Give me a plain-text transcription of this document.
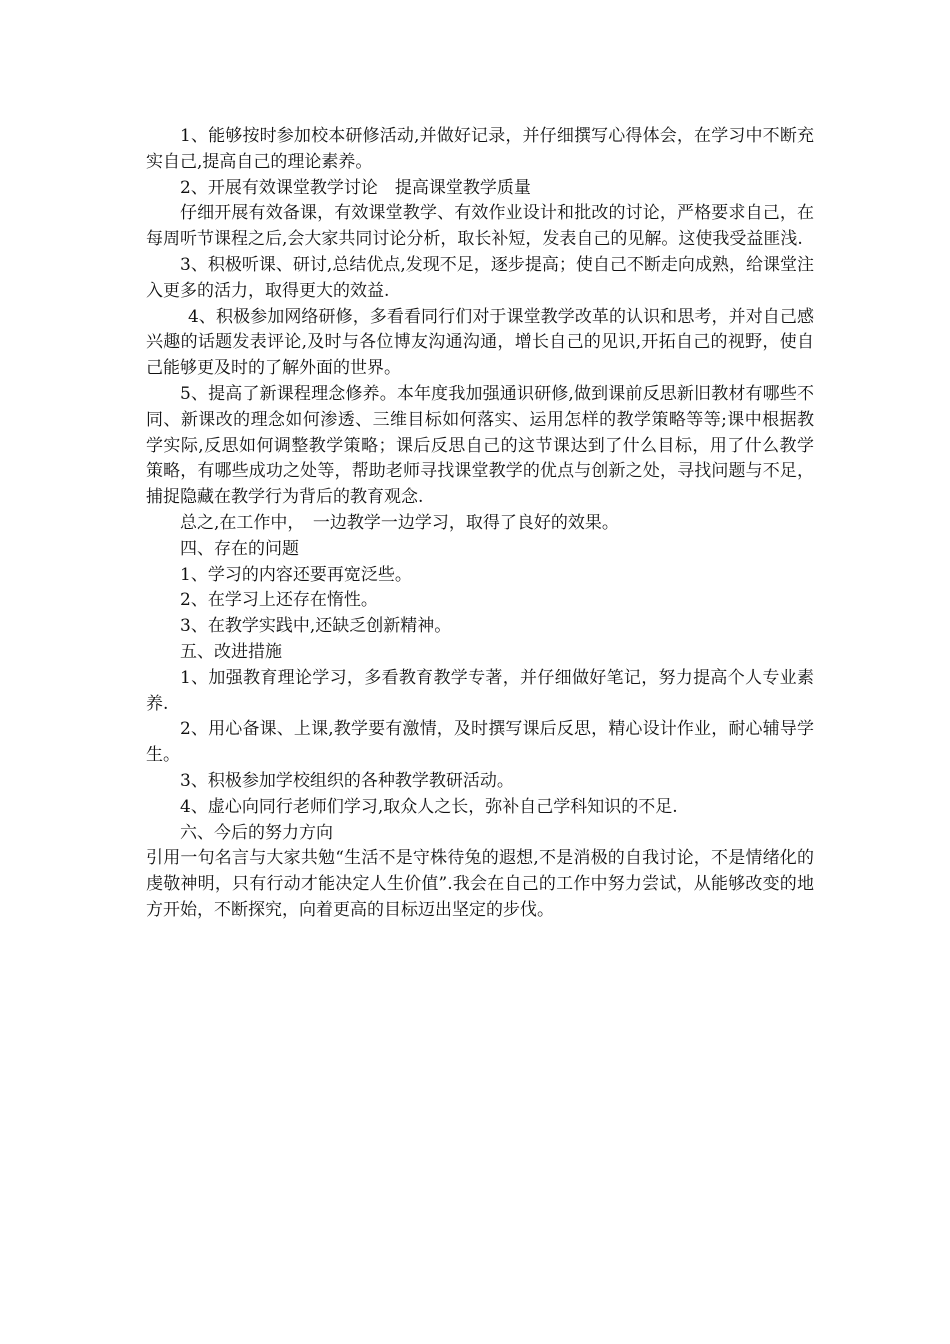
1、能够按时参加校本研修活动,并做好记录，并仔细撰写心得体会，在学习中不断充实自己,提高自己的理论素养。

2、开展有效课堂教学讨论　提高课堂教学质量

仔细开展有效备课，有效课堂教学、有效作业设计和批改的讨论，严格要求自己，在每周听节课程之后,会大家共同讨论分析，取长补短，发表自己的见解。这使我受益匪浅.

3、积极听课、研讨,总结优点,发现不足，逐步提高；使自己不断走向成熟，给课堂注入更多的活力，取得更大的效益.

4、积极参加网络研修，多看看同行们对于课堂教学改革的认识和思考，并对自己感兴趣的话题发表评论,及时与各位博友沟通沟通，增长自己的见识,开拓自己的视野，使自己能够更及时的了解外面的世界。

5、提高了新课程理念修养。本年度我加强通识研修,做到课前反思新旧教材有哪些不同、新课改的理念如何渗透、三维目标如何落实、运用怎样的教学策略等等;课中根据教学实际,反思如何调整教学策略；课后反思自己的这节课达到了什么目标，用了什么教学策略，有哪些成功之处等，帮助老师寻找课堂教学的优点与创新之处，寻找问题与不足，捕捉隐藏在教学行为背后的教育观念.

总之,在工作中，　一边教学一边学习，取得了良好的效果。

四、存在的问题

1、学习的内容还要再宽泛些。

2、在学习上还存在惰性。

3、在教学实践中,还缺乏创新精神。

五、改进措施

1、加强教育理论学习，多看教育教学专著，并仔细做好笔记，努力提高个人专业素养.

2、用心备课、上课,教学要有激情，及时撰写课后反思，精心设计作业，耐心辅导学生。

3、积极参加学校组织的各种教学教研活动。

4、虚心向同行老师们学习,取众人之长，弥补自己学科知识的不足.

六、今后的努力方向

引用一句名言与大家共勉“生活不是守株待兔的遐想,不是消极的自我讨论，不是情绪化的虔敬神明，只有行动才能决定人生价值”.我会在自己的工作中努力尝试，从能够改变的地方开始，不断探究，向着更高的目标迈出坚定的步伐。
